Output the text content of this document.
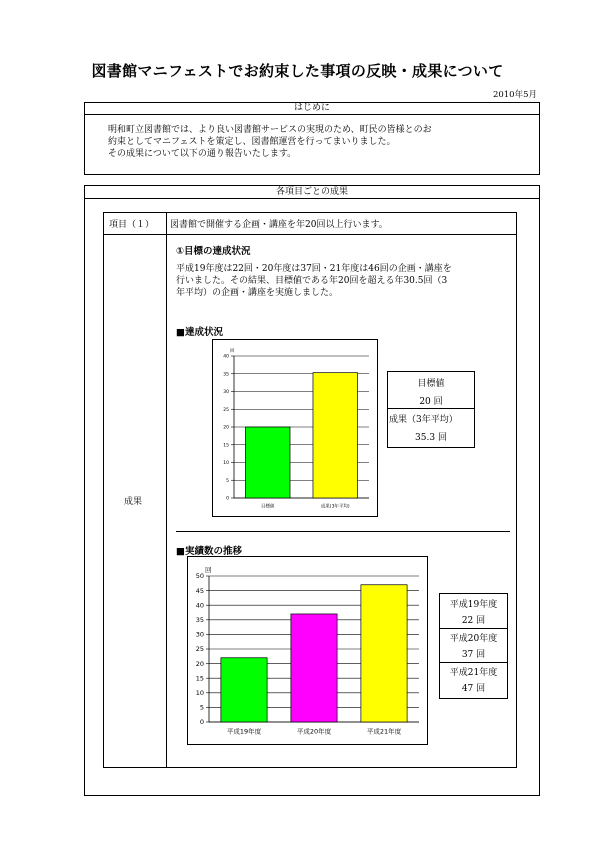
図書館マニフェストでお約束した事項の反映・成果について
2010年5月
はじめに
明和町立図書館では、より良い図書館サービスの実現のため、町民の皆様とのお
約束としてマニフェストを策定し、図書館運営を行ってまいりました。
その成果について以下の通り報告いたします。
各項目ごとの成果
項目（１） 図書館で開催する企画・講座を年20回以上行います。
成果
①目標の達成状況
平成19年度は22回・20年度は37回・21年度は46回の企画・講座を
行いました。その結果、目標値である年20回を超える年30.5回（3
年平均）の企画・講座を実施しました。
■達成状況
0
5
10
15
20
25
30
35
40
回
目標値	成果(3年平均)
目標値
20 回
成果（3年平均）
35.3 回
■実績数の推移
0
5
10
15
20
25
30
35
40
45
50
回
平成19年度	平成20年度	平成21年度
平成19年度
22 回
平成20年度
37 回
平成21年度
47 回
